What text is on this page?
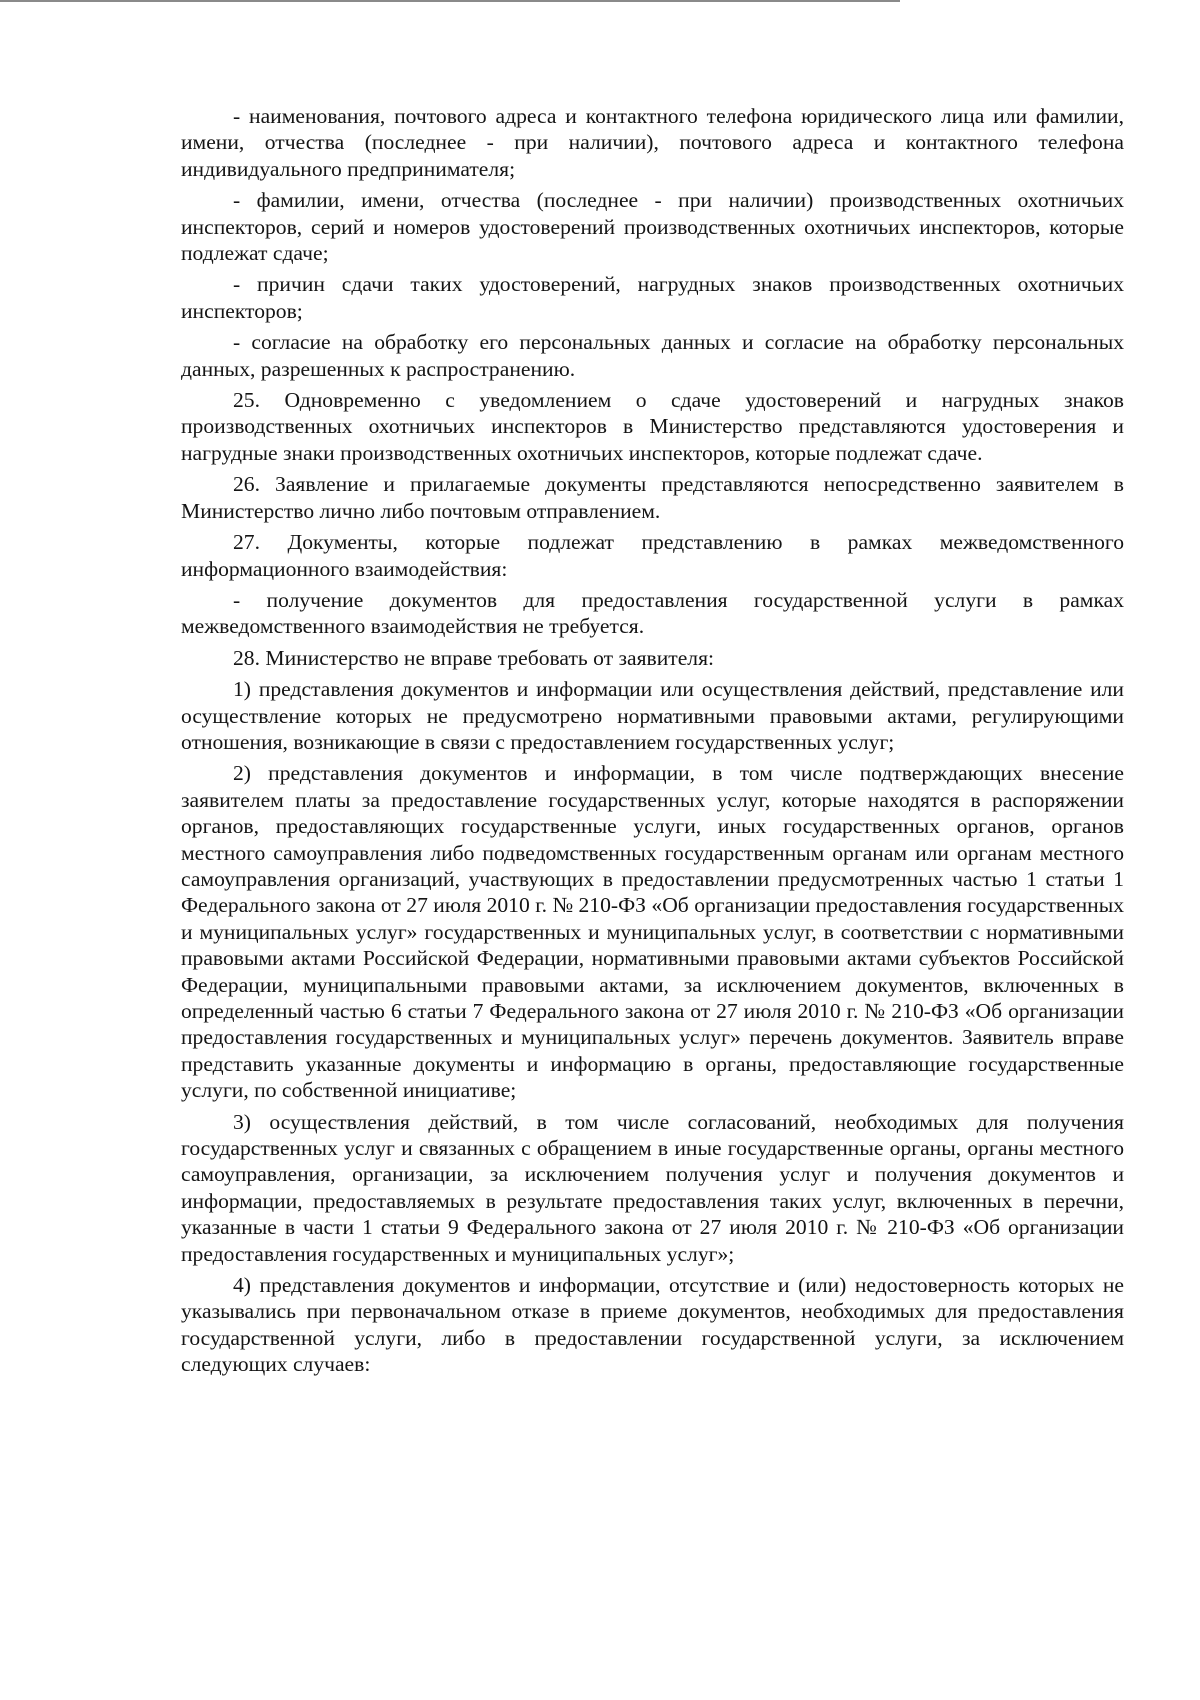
- наименования, почтового адреса и контактного телефона юридического лица или фамилии, имени, отчества (последнее - при наличии), почтового адреса и контактного телефона индивидуального предпринимателя;

- фамилии, имени, отчества (последнее - при наличии) производственных охотничьих инспекторов, серий и номеров удостоверений производственных охотничьих инспекторов, которые подлежат сдаче;

- причин сдачи таких удостоверений, нагрудных знаков производственных охотничьих инспекторов;

- согласие на обработку его персональных данных и согласие на обработку персональных данных, разрешенных к распространению.

25. Одновременно с уведомлением о сдаче удостоверений и нагрудных знаков производственных охотничьих инспекторов в Министерство представляются удостоверения и нагрудные знаки производственных охотничьих инспекторов, которые подлежат сдаче.

26. Заявление и прилагаемые документы представляются непосредственно заявителем в Министерство лично либо почтовым отправлением.

27. Документы, которые подлежат представлению в рамках межведомственного информационного взаимодействия:

- получение документов для предоставления государственной услуги в рамках межведомственного взаимодействия не требуется.

28. Министерство не вправе требовать от заявителя:

1) представления документов и информации или осуществления действий, представление или осуществление которых не предусмотрено нормативными правовыми актами, регулирующими отношения, возникающие в связи с предоставлением государственных услуг;

2) представления документов и информации, в том числе подтверждающих внесение заявителем платы за предоставление государственных услуг, которые находятся в распоряжении органов, предоставляющих государственные услуги, иных государственных органов, органов местного самоуправления либо подведомственных государственным органам или органам местного самоуправления организаций, участвующих в предоставлении предусмотренных частью 1 статьи 1 Федерального закона от 27 июля 2010 г. № 210-ФЗ «Об организации предоставления государственных и муниципальных услуг» государственных и муниципальных услуг, в соответствии с нормативными правовыми актами Российской Федерации, нормативными правовыми актами субъектов Российской Федерации, муниципальными правовыми актами, за исключением документов, включенных в определенный частью 6 статьи 7 Федерального закона от 27 июля 2010 г. № 210-ФЗ «Об организации предоставления государственных и муниципальных услуг» перечень документов. Заявитель вправе представить указанные документы и информацию в органы, предоставляющие государственные услуги, по собственной инициативе;

3) осуществления действий, в том числе согласований, необходимых для получения государственных услуг и связанных с обращением в иные государственные органы, органы местного самоуправления, организации, за исключением получения услуг и получения документов и информации, предоставляемых в результате предоставления таких услуг, включенных в перечни, указанные в части 1 статьи 9 Федерального закона от 27 июля 2010 г. № 210-ФЗ «Об организации предоставления государственных и муниципальных услуг»;

4) представления документов и информации, отсутствие и (или) недостоверность которых не указывались при первоначальном отказе в приеме документов, необходимых для предоставления государственной услуги, либо в предоставлении государственной услуги, за исключением следующих случаев:
